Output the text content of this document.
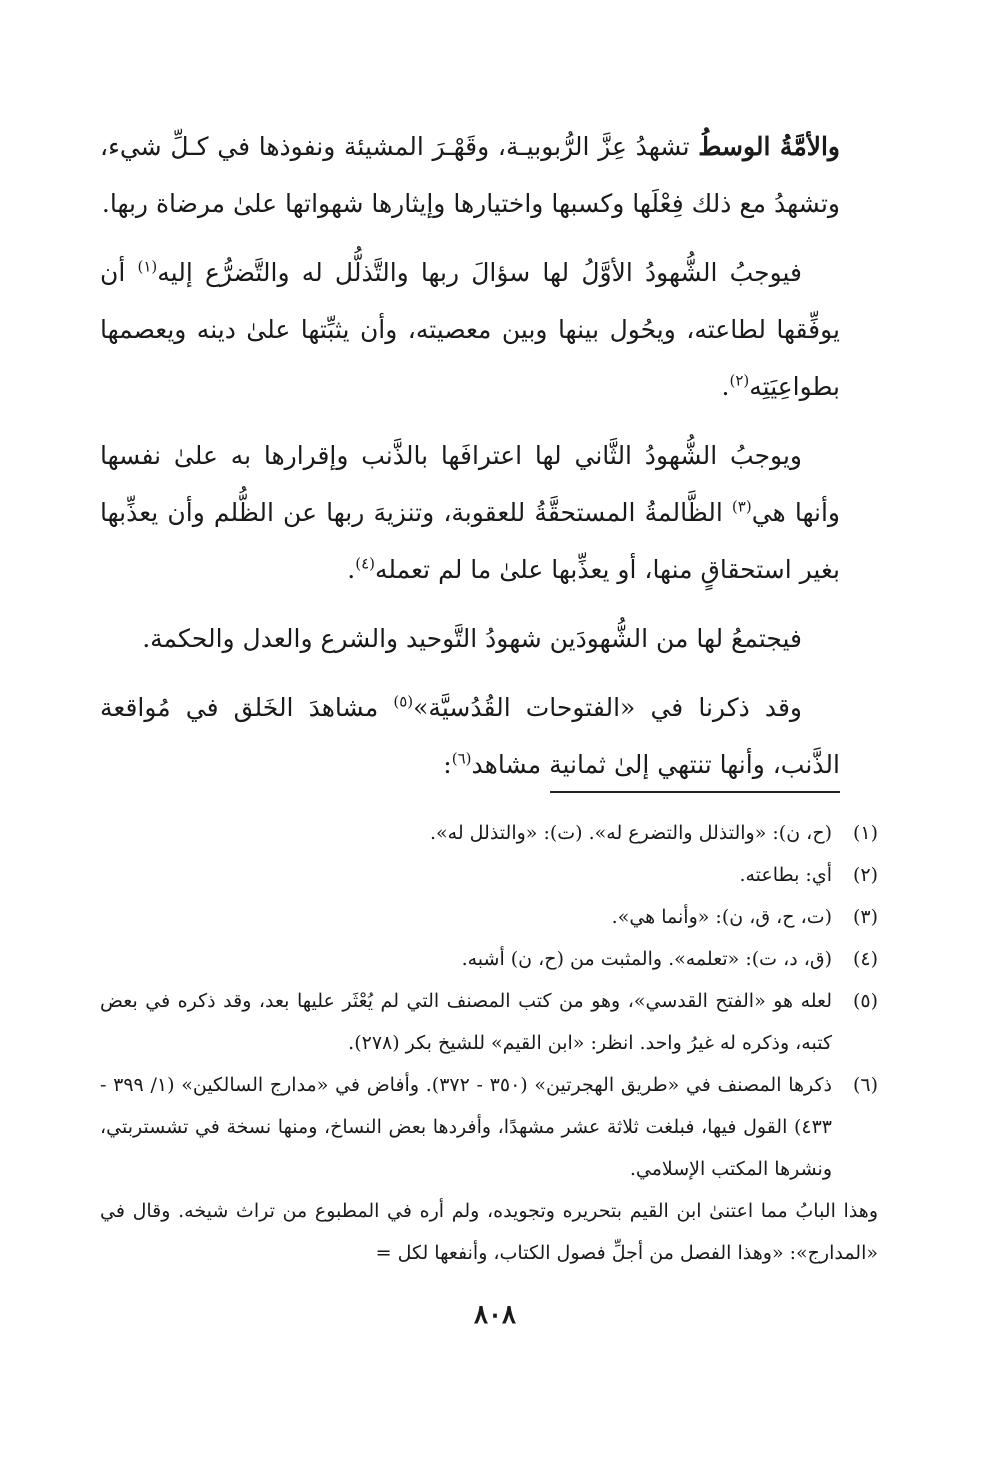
والأمَّةُ الوسطُ تشهدُ عِزَّ الرُّبوبيـة، وقَهْـرَ المشيئة ونفوذها في كـلِّ شيء، وتشهدُ مع ذلك فِعْلَها وكسبها واختيارها وإيثارها شهواتها علىٰ مرضاة ربها.

فيوجبُ الشُّهودُ الأوَّلُ لها سؤالَ ربها والتَّذلُّل له والتَّضرُّع إليه$^{(١)}$ أن يوفِّقها لطاعته، ويحُول بينها وبين معصيته، وأن يثبِّتها علىٰ دينه ويعصمها بطواعِيَتِه$^{(٢)}$.

ويوجبُ الشُّهودُ الثَّاني لها اعترافَها بالذَّنب وإقرارها به علىٰ نفسها وأنها هي$^{(٣)}$ الظَّالمةُ المستحقَّةُ للعقوبة، وتنزيهَ ربها عن الظُّلم وأن يعذِّبها بغير استحقاقٍ منها، أو يعذِّبها علىٰ ما لم تعمله$^{(٤)}$.

فيجتمعُ لها من الشُّهودَين شهودُ التَّوحيد والشرع والعدل والحكمة.

وقد ذكرنا في «الفتوحات القُدُسيَّة»$^{(٥)}$ مشاهدَ الخَلق في مُواقعة الذَّنب، وأنها تنتهي إلىٰ ثمانية مشاهد$^{(٦)}$:

(١)
(ح، ن): «والتذلل والتضرع له». (ت): «والتذلل له».
(٢)
أي: بطاعته.
(٣)
(ت، ح، ق، ن): «وأنما هي».
(٤)
(ق، د، ت): «تعلمه». والمثبت من (ح، ن) أشبه.
(٥)
لعله هو «الفتح القدسي»، وهو من كتب المصنف التي لم يُعْثَر عليها بعد، وقد ذكره في بعض كتبه، وذكره له غيرُ واحد. انظر: «ابن القيم» للشيخ بكر (٢٧٨).
(٦)
ذكرها المصنف في «طريق الهجرتين» (٣٥٠ - ٣٧٢). وأفاض في «مدارج السالكين» (١/ ٣٩٩ - ٤٣٣) القول فيها، فبلغت ثلاثة عشر مشهدًا، وأفردها بعض النساخ، ومنها نسخة في تشستربتي، ونشرها المكتب الإسلامي.

وهذا البابُ مما اعتنىٰ ابن القيم بتحريره وتجويده، ولم أره في المطبوع من تراث شيخه. وقال في «المدارج»: «وهذا الفصل من أجلِّ فصول الكتاب، وأنفعها لكل =

٨٠٨
